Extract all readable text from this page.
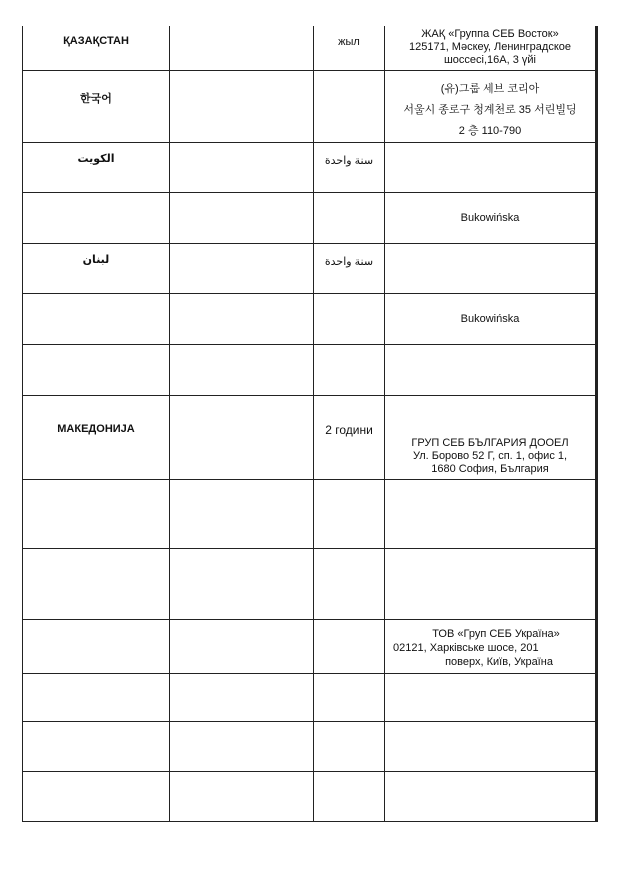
ҚАЗАҚСТАН		жыл	ЖАҚ «Группа СЕБ Восток»
125171, Мәскеу, Ленинградское
шоссесі,16А, 3 үйі

한국어			(유)그룹 세브 코리아
서울시 종로구 청계천로 35 서린빌딩
2 층 110-790

الكويت		سنة واحدة	

			Bukowińska

لبنان		سنة واحدة	

			Bukowińska

МАКЕДОНИЈА		2 години	ГРУП СЕБ БЪЛГАРИЯ ДООЕЛ
Ул. Борово 52 Г, сп. 1, офис 1,
1680 София, България

			ТОВ «Груп СЕБ Україна»
02121, Харківське шосе, 201
поверх, Київ, Україна
